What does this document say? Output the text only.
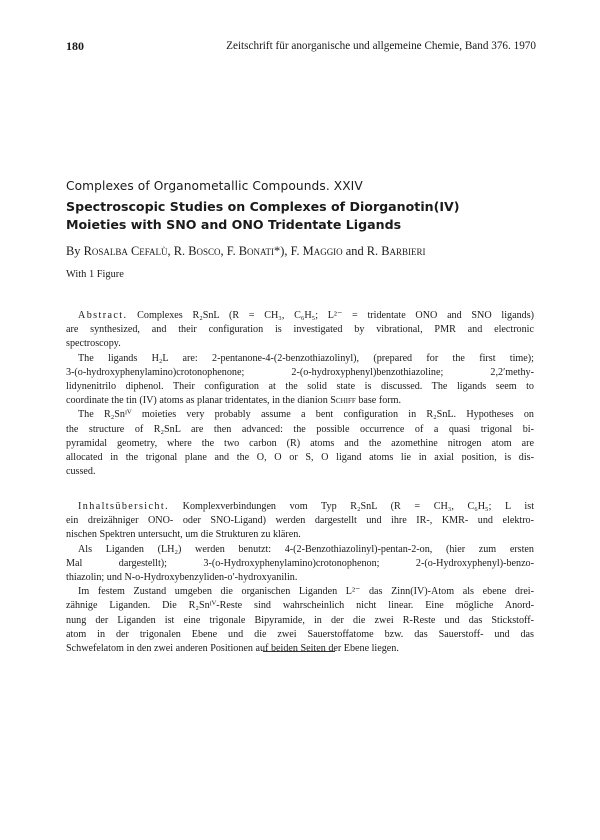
180	Zeitschrift für anorganische und allgemeine Chemie, Band 376. 1970
Complexes of Organometallic Compounds. XXIV
Spectroscopic Studies on Complexes of Diorganotin(IV)
Moieties with SNO and ONO Tridentate Ligands
By Rosalba Cefalù, R. Bosco, F. Bonati*), F. Maggio and R. Barbieri
With 1 Figure
Abstract. Complexes R₂SnL (R = CH₃, C₆H₅; L²⁻ = tridentate ONO and SNO ligands)
are synthesized, and their configuration is investigated by vibrational, PMR and electronic
spectroscopy.
The ligands H₂L are: 2-pentanone-4-(2-benzothiazolinyl), (prepared for the first time);
3-(o-hydroxyphenylamino)crotonophenone; 2-(o-hydroxyphenyl)benzothiazoline; 2,2′methy-
lidynenitrilo diphenol. Their configuration at the solid state is discussed. The ligands seem to
coordinate the tin (IV) atoms as planar tridentates, in the dianion Schiff base form.
The R₂Snᴵⱽ moieties very probably assume a bent configuration in R₂SnL. Hypotheses on
the structure of R₂SnL are then advanced: the possible occurrence of a quasi trigonal bi-
pyramidal geometry, where the two carbon (R) atoms and the azomethine nitrogen atom are
allocated in the trigonal plane and the O, O or S, O ligand atoms lie in axial position, is dis-
cussed.
Inhaltsübersicht. Komplexverbindungen vom Typ R₂SnL (R = CH₃, C₆H₅; L ist
ein dreizähniger ONO- oder SNO-Ligand) werden dargestellt und ihre IR-, KMR- und elektro-
nischen Spektren untersucht, um die Strukturen zu klären.
Als Liganden (LH₂) werden benutzt: 4-(2-Benzothiazolinyl)-pentan-2-on, (hier zum ersten
Mal dargestellt); 3-(o-Hydroxyphenylamino)crotonophenon; 2-(o-Hydroxyphenyl)-benzo-
thiazolin; und N-o-Hydroxybenzyliden-o′-hydroxyanilin.
Im festem Zustand umgeben die organischen Liganden L²⁻ das Zinn(IV)-Atom als ebene drei-
zähnige Liganden. Die R₂Snᴵⱽ-Reste sind wahrscheinlich nicht linear. Eine mögliche Anord-
nung der Liganden ist eine trigonale Bipyramide, in der die zwei R-Reste und das Stickstoff-
atom in der trigonalen Ebene und die zwei Sauerstoffatome bzw. das Sauerstoff- und das
Schwefelatom in den zwei anderen Positionen auf beiden Seiten der Ebene liegen.
